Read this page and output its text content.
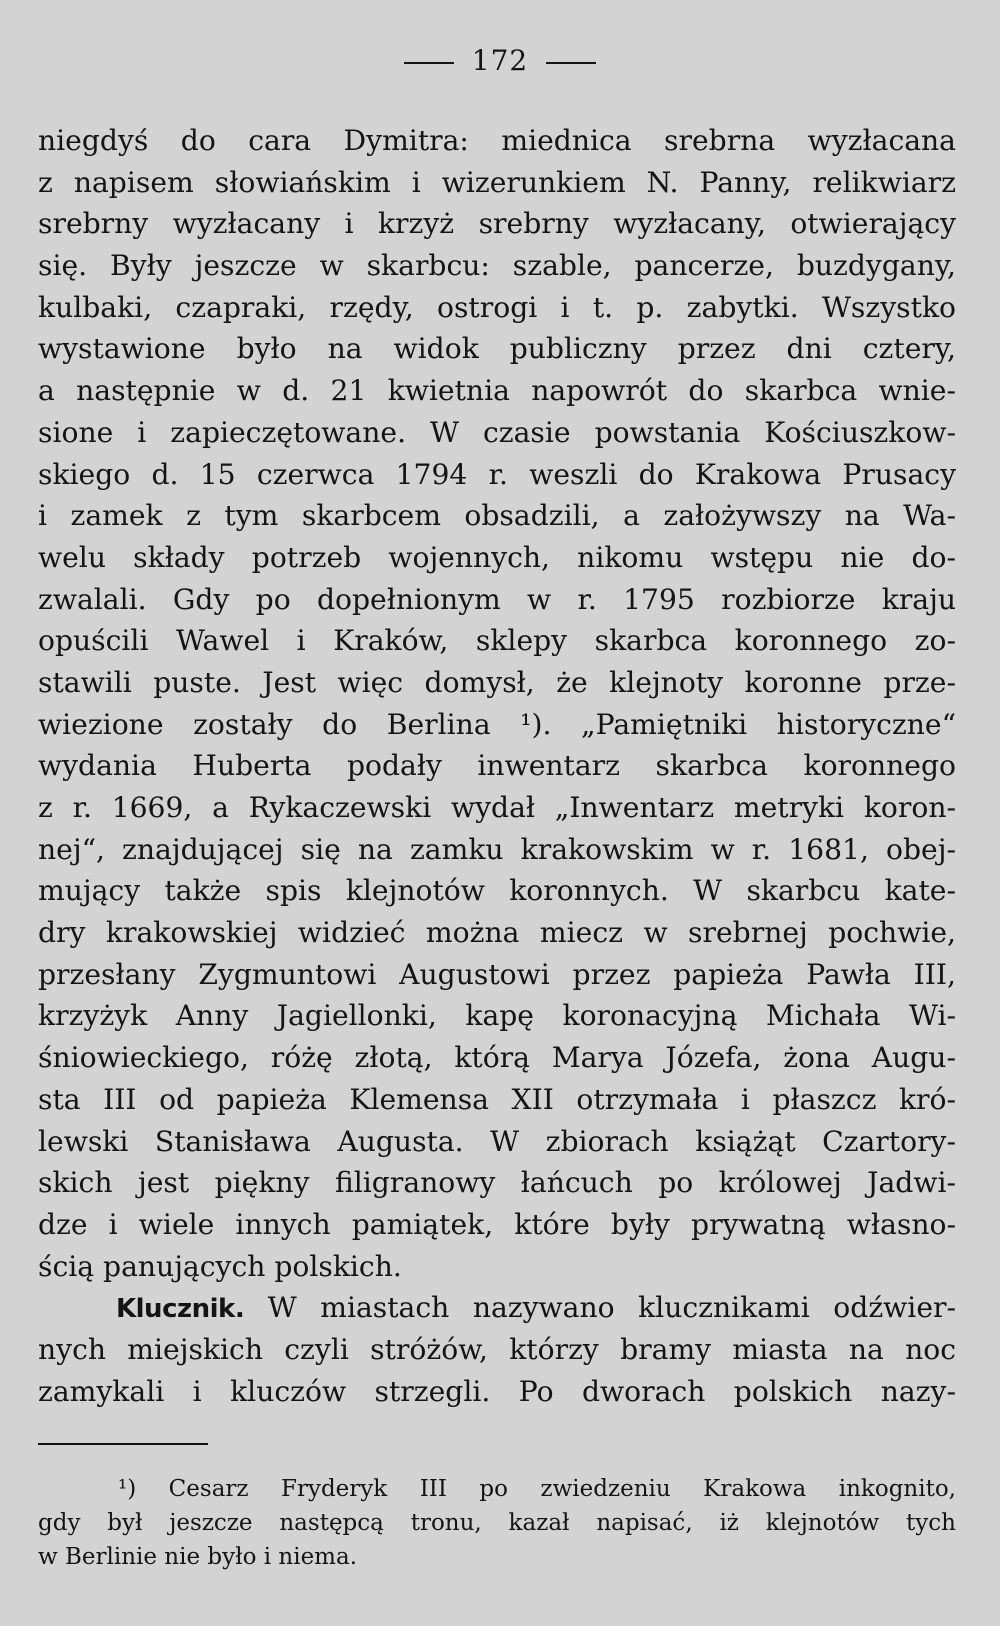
172
niegdyś do cara Dymitra: miednica srebrna wyzłacana
z napisem słowiańskim i wizerunkiem N. Panny, relikwiarz
srebrny wyzłacany i krzyż srebrny wyzłacany, otwierający
się. Były jeszcze w skarbcu: szable, pancerze, buzdygany,
kulbaki, czapraki, rzędy, ostrogi i t. p. zabytki. Wszystko
wystawione było na widok publiczny przez dni cztery,
a następnie w d. 21 kwietnia napowrót do skarbca wnie-
sione i zapieczętowane. W czasie powstania Kościuszkow-
skiego d. 15 czerwca 1794 r. weszli do Krakowa Prusacy
i zamek z tym skarbcem obsadzili, a założywszy na Wa-
welu składy potrzeb wojennych, nikomu wstępu nie do-
zwalali. Gdy po dopełnionym w r. 1795 rozbiorze kraju
opuścili Wawel i Kraków, sklepy skarbca koronnego zo-
stawili puste. Jest więc domysł, że klejnoty koronne prze-
wiezione zostały do Berlina ¹). „Pamiętniki historyczne“
wydania Huberta podały inwentarz skarbca koronnego
z r. 1669, a Rykaczewski wydał „Inwentarz metryki koron-
nej“, znajdującej się na zamku krakowskim w r. 1681, obej-
mujący także spis klejnotów koronnych. W skarbcu kate-
dry krakowskiej widzieć można miecz w srebrnej pochwie,
przesłany Zygmuntowi Augustowi przez papieża Pawła III,
krzyżyk Anny Jagiellonki, kapę koronacyjną Michała Wi-
śniowieckiego, różę złotą, którą Marya Józefa, żona Augu-
sta III od papieża Klemensa XII otrzymała i płaszcz kró-
lewski Stanisława Augusta. W zbiorach książąt Czartory-
skich jest piękny filigranowy łańcuch po królowej Jadwi-
dze i wiele innych pamiątek, które były prywatną własno-
ścią panujących polskich.
Klucznik. W miastach nazywano klucznikami odźwier-
nych miejskich czyli stróżów, którzy bramy miasta na noc
zamykali i kluczów strzegli. Po dworach polskich nazy-
¹) Cesarz Fryderyk III po zwiedzeniu Krakowa inkognito,
gdy był jeszcze następcą tronu, kazał napisać, iż klejnotów tych
w Berlinie nie było i niema.
